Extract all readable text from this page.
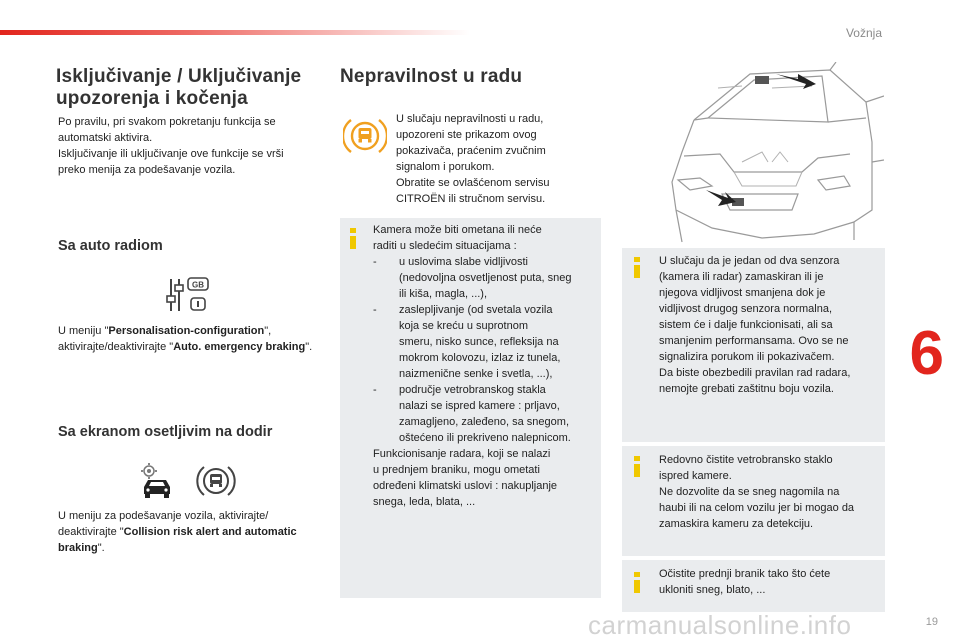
Vožnja
Isključivanje / Uključivanje
upozorenja i kočenja
Po pravilu, pri svakom pokretanju funkcija se
automatski aktivira.
Isključivanje ili uključivanje ove funkcije se vrši
preko menija za podešavanje vozila.
Sa auto radiom
GB
U meniju "Personalisation-configuration", aktivirajte/deaktivirajte "Auto. emergency braking".
Sa ekranom osetljivim na dodir
U meniju za podešavanje vozila, aktivirajte/ deaktivirajte "Collision risk alert and automatic braking".
Nepravilnost u radu
U slučaju nepravilnosti u radu,
upozoreni ste prikazom ovog
pokazivača, praćenim zvučnim
signalom i porukom.
Obratite se ovlašćenom servisu
CITROËN ili stručnom servisu.
Kamera može biti ometana ili neće
raditi u sledećim situacijama :
- u uslovima slabe vidljivosti
(nedovoljna osvetljenost puta, sneg
ili kiša, magla, ...),
- zaslepljivanje (od svetala vozila
koja se kreću u suprotnom
smeru, nisko sunce, refleksija na
mokrom kolovozu, izlaz iz tunela,
naizmenične senke i svetla, ...),
- područje vetrobranskog stakla
nalazi se ispred kamere : prljavo,
zamagljeno, zaleđeno, sa snegom,
oštećeno ili prekriveno nalepnicom.
Funkcionisanje radara, koji se nalazi
u prednjem braniku, mogu ometati
određeni klimatski uslovi : nakupljanje
snega, leda, blata, ...
U slučaju da je jedan od dva senzora
(kamera ili radar) zamaskiran ili je
njegova vidljivost smanjena dok je
vidljivost drugog senzora normalna,
sistem će i dalje funkcionisati, ali sa
smanjenim performansama. Ovo se ne
signalizira porukom ili pokazivačem.
Da biste obezbedili pravilan rad radara,
nemojte grebati zaštitnu boju vozila.
Redovno čistite vetrobransko staklo
ispred kamere.
Ne dozvolite da se sneg nagomila na
haubi ili na celom vozilu jer bi mogao da
zamaskira kameru za detekciju.
Očistite prednji branik tako što ćete
ukloniti sneg, blato, ...
6
19
carmanualsonline.info
